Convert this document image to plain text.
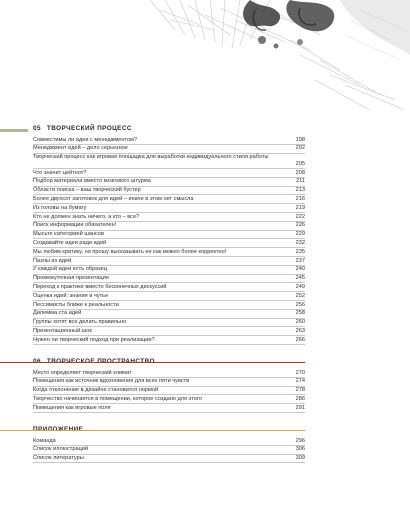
05 ТВОРЧЕСКИЙ ПРОЦЕСС
Совместимы ли идеи с менеджментом?	198
Менеджмент идей – дело серьезное	202
Творческий процесс как игровая площадка для выработки индивидуального стиля работы
205
Что значит цейтнот?	208
Подбор материала вместо мозгового штурма	211
Области поиска – ваш творческий бустер	213
Более двухсот заготовок для идей – иначе в этом нет смысла	216
Из головы на бумагу	219
Кто не должен знать ничего, а кто – все?	222
Поиск информации обязателен!	226
Мысьте категорией шансов	229
Создавайте идеи ради идей	232
Мы любим критику, но прошу высказывать ее как можно более корректно!	235
Пазлы из идей	237
У каждой идеи есть образец	240
Промежуточная презентация	245
Переход к практике вместо бесконечных дискуссий	249
Оценка идей: знания и чутье	252
Пессимисты ближе к реальности	256
Дилемма ста идей	258
Группы хотят все делать правильно	260
Презентационный шок	263
Нужен ли творческий подход при реализации?	266
Место определяет творческий климат	270
Помещения как источник вдохновения для всех пяти чувств	274
Когда отклонение в дизайне становится нормой	278
Творчество начинается в помещении, которое создано для этого	286
Помещения как игровые поля	291
Команда	296
Список иллюстраций	306
Список литературы	309
